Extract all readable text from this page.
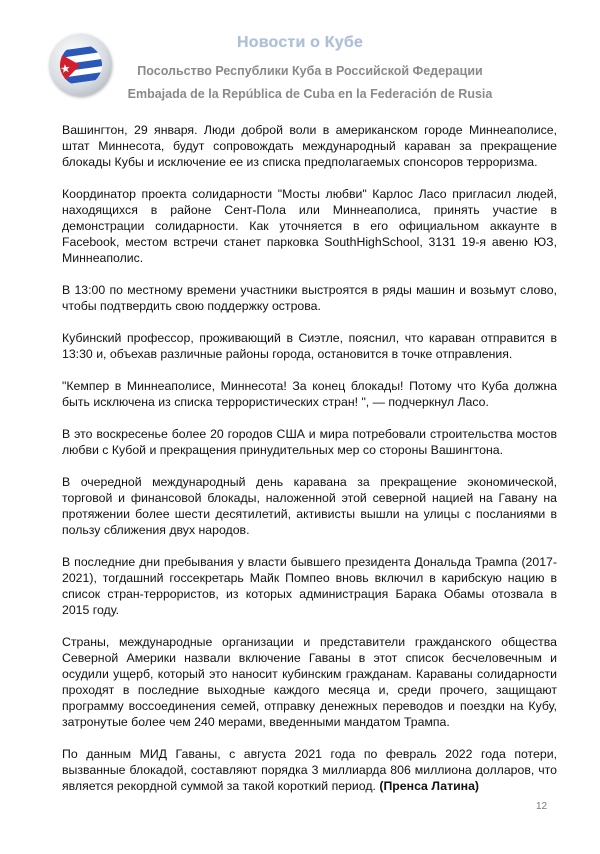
Новости о Кубе
Посольство Республики Куба в Российской Федерации
Embajada de la República de Cuba en la Federación de Rusia

Вашингтон, 29 января. Люди доброй воли в американском городе Миннеаполисе, штат Миннесота, будут сопровождать международный караван за прекращение блокады Кубы и исключение ее из списка предполагаемых спонсоров терроризма.

Координатор проекта солидарности "Мосты любви" Карлос Ласо пригласил людей, находящихся в районе Сент-Пола или Миннеаполиса, принять участие в демонстрации солидарности. Как уточняется в его официальном аккаунте в Facebook, местом встречи станет парковка SouthHighSchool, 3131 19-я авеню ЮЗ, Миннеаполис.

В 13:00 по местному времени участники выстроятся в ряды машин и возьмут слово, чтобы подтвердить свою поддержку острова.

Кубинский профессор, проживающий в Сиэтле, пояснил, что караван отправится в 13:30 и, объехав различные районы города, остановится в точке отправления.

"Кемпер в Миннеаполисе, Миннесота! За конец блокады! Потому что Куба должна быть исключена из списка террористических стран! ", — подчеркнул Ласо.

В это воскресенье более 20 городов США и мира потребовали строительства мостов любви с Кубой и прекращения принудительных мер со стороны Вашингтона.

В очередной международный день каравана за прекращение экономической, торговой и финансовой блокады, наложенной этой северной нацией на Гавану на протяжении более шести десятилетий, активисты вышли на улицы с посланиями в пользу сближения двух народов.

В последние дни пребывания у власти бывшего президента Дональда Трампа (2017-2021), тогдашний госсекретарь Майк Помпео вновь включил в карибскую нацию в список стран-террористов, из которых администрация Барака Обамы отозвала в 2015 году.

Страны, международные организации и представители гражданского общества Северной Америки назвали включение Гаваны в этот список бесчеловечным и осудили ущерб, который это наносит кубинским гражданам. Караваны солидарности проходят в последние выходные каждого месяца и, среди прочего, защищают программу воссоединения семей, отправку денежных переводов и поездки на Кубу, затронутые более чем 240 мерами, введенными мандатом Трампа.

По данным МИД Гаваны, с августа 2021 года по февраль 2022 года потери, вызванные блокадой, составляют порядка 3 миллиарда 806 миллиона долларов, что является рекордной суммой за такой короткий период. (Пренса Латина)

12
